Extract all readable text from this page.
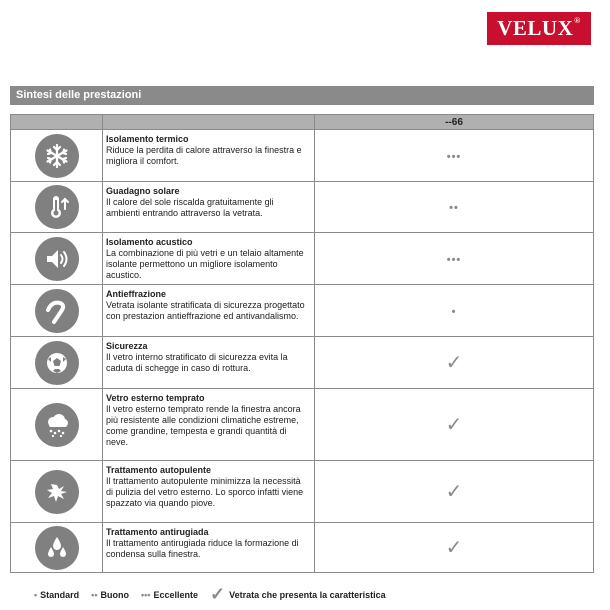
VELUX®
Sintesi delle prestazioni
		--66

Isolamento termico
Riduce la perdita di calore attraverso la finestra e migliora il comfort.	•••

Guadagno solare
Il calore del sole riscalda gratuitamente gli ambienti entrando attraverso la vetrata.	••

Isolamento acustico
La combinazione di più vetri e un telaio altamente isolante permettono un migliore isolamento acustico.	•••

Antieffrazione
Vetrata isolante stratificata di sicurezza progettato con prestazion antieffrazione ed antivandalismo.	•

Sicurezza
Il vetro interno stratificato di sicurezza evita la caduta di schegge in caso di rottura.	✓

Vetro esterno temprato
Il vetro esterno temprato rende la finestra ancora più resistente alle condizioni climatiche estreme, come grandine, tempesta e grandi quantità di neve.	✓

Trattamento autopulente
Il trattamento autopulente minimizza la necessità di pulizia del vetro esterno. Lo sporco infatti viene spazzato via quando piove.	✓

Trattamento antirugiada
Il trattamento antirugiada riduce la formazione di condensa sulla finestra.	✓
• Standard •• Buono ••• Eccellente ✓ Vetrata che presenta la caratteristica
